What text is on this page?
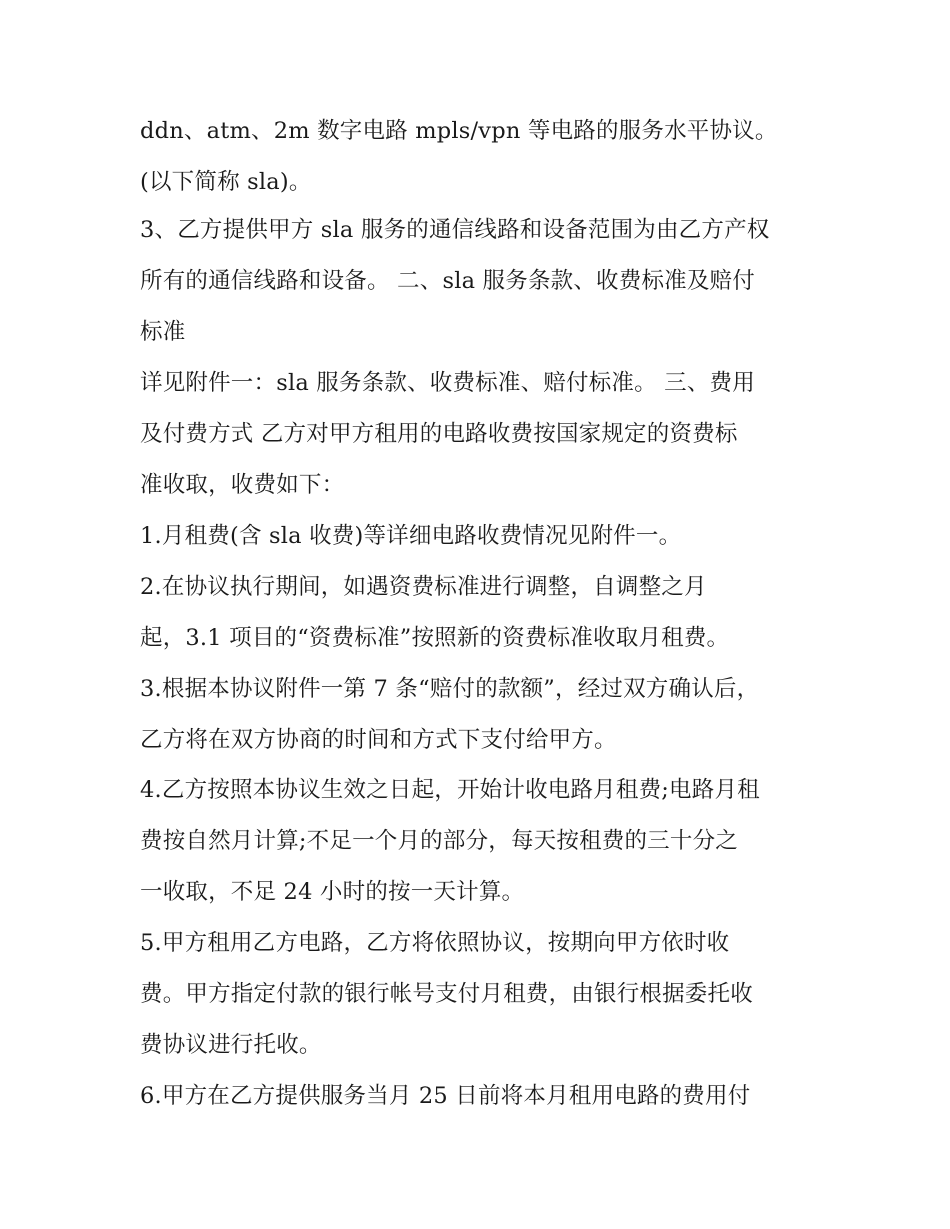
ddn、atm、2m 数字电路 mpls/vpn 等电路的服务水平协议。
(以下简称 sla)。
3、乙方提供甲方 sla 服务的通信线路和设备范围为由乙方产权
所有的通信线路和设备。 二、sla 服务条款、收费标准及赔付
标准
详见附件一：sla 服务条款、收费标准、赔付标准。 三、费用
及付费方式 乙方对甲方租用的电路收费按国家规定的资费标
准收取，收费如下：
1.月租费(含 sla 收费)等详细电路收费情况见附件一。
2.在协议执行期间，如遇资费标准进行调整，自调整之月
起，3.1 项目的“资费标准”按照新的资费标准收取月租费。
3.根据本协议附件一第 7 条“赔付的款额”，经过双方确认后，
乙方将在双方协商的时间和方式下支付给甲方。
4.乙方按照本协议生效之日起，开始计收电路月租费;电路月租
费按自然月计算;不足一个月的部分，每天按租费的三十分之
一收取，不足 24 小时的按一天计算。
5.甲方租用乙方电路，乙方将依照协议，按期向甲方依时收
费。甲方指定付款的银行帐号支付月租费，由银行根据委托收
费协议进行托收。
6.甲方在乙方提供服务当月 25 日前将本月租用电路的费用付
